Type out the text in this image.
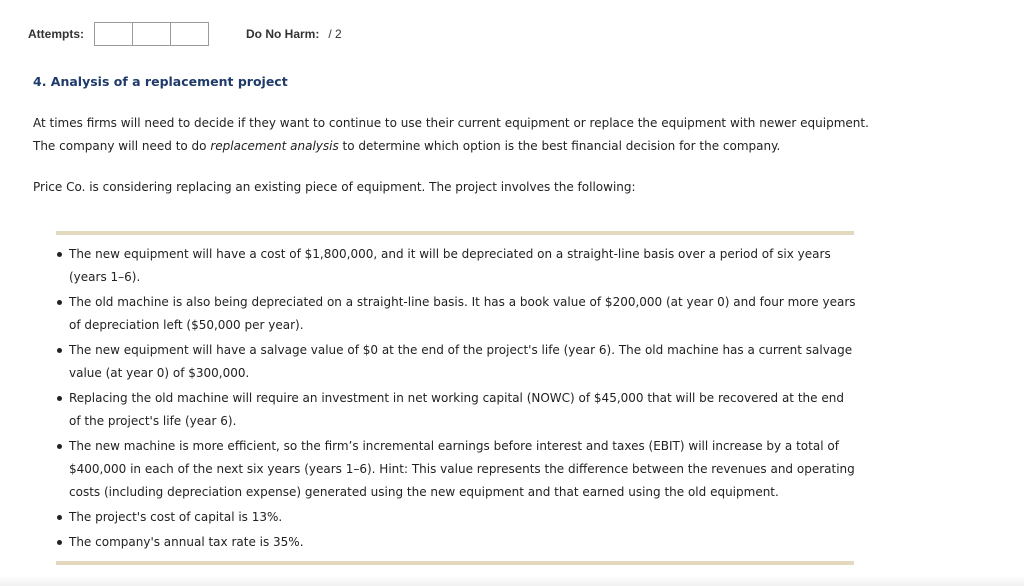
Attempts:	Do No Harm: / 2
4. Analysis of a replacement project

At times firms will need to decide if they want to continue to use their current equipment or replace the equipment with newer equipment. The company will need to do replacement analysis to determine which option is the best financial decision for the company.

Price Co. is considering replacing an existing piece of equipment. The project involves the following:

The new equipment will have a cost of $1,800,000, and it will be depreciated on a straight-line basis over a period of six years (years 1–6).
The old machine is also being depreciated on a straight-line basis. It has a book value of $200,000 (at year 0) and four more years of depreciation left ($50,000 per year).
The new equipment will have a salvage value of $0 at the end of the project's life (year 6). The old machine has a current salvage value (at year 0) of $300,000.
Replacing the old machine will require an investment in net working capital (NOWC) of $45,000 that will be recovered at the end of the project's life (year 6).
The new machine is more efficient, so the firm’s incremental earnings before interest and taxes (EBIT) will increase by a total of $400,000 in each of the next six years (years 1–6). Hint: This value represents the difference between the revenues and operating costs (including depreciation expense) generated using the new equipment and that earned using the old equipment.
The project's cost of capital is 13%.
The company's annual tax rate is 35%.
